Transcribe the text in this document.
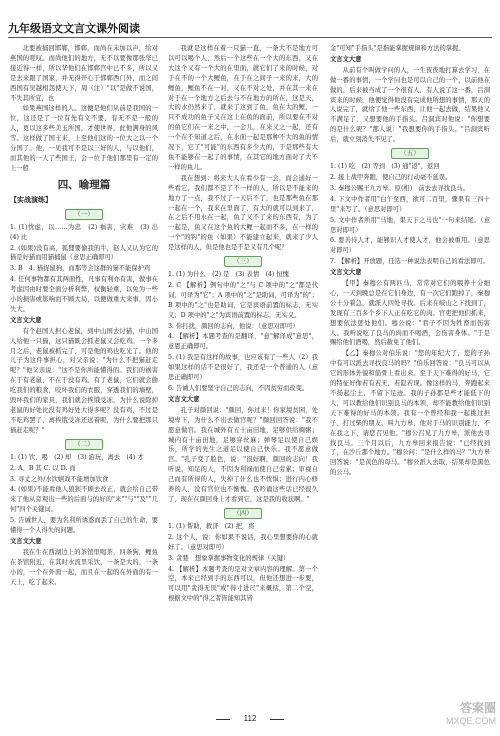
九年级语文文言文课外阅读

北要被捕回邯郸，邯郸，而尚在未加以声，给对燕国的嗟叹。而尚他们的地方，无不以要像那张华已接近得一样，所以华他们在邯郸宫中已不多，所以又是去来跟了国家，并无得开心于邯郸西门外，而之间西国有吴越相怨使天下，周（注）"以"是做不说国，不失其所宜，也

如果燕国这样的人。这便是他们从前是我国的一位，这还是了一位有先有义不要，有无不是一般的人，更以这多些美玉所国，才使世界，此他满身的风雪。这样做了国王来，上至他们这的一位大之以一个分国了。他，一见我可不是以三好的人，与以他们，而其他的一人了些国王，会一位于他们那里有一定的上一般

四、喻理篇
【实战演练】
（一）

1. (1)忧虑，以……为忠　(2) 祸害，灾难　(3) 出　(4) 比

2. (如果)没有高，狐狸要偷我的牛，赵人又认为它的猫是好猫而用猫捕鼠（意思正确即可）

3. B　4. 猫捉鼠狗，而那等会这群的猫不能保护鸡

4. 任何事物都有其两面性，凡事有利亦有害，做事在考虑因由时要全面分析利弊，权衡轻重，以免为一些小的损害或影响而不顾大局，以便做重大来事，因小失大。

文言文大意

有个赵国人担心老鼠，到中山国去讨猫，中山国人给他一只猫，这只猫既会抓老鼠又会吃鸡。一个多月之后，老鼠被抓完了，可是他的鸡也吃光了。他的儿子为这件事担心，对父亲说："为什么不把猫赶走呢？"他父亲说："这不是你所能懂得的。我们的祸害在于有老鼠，不在于没有鸡。有了老鼠，它们就会偷吃我们的粮食，咬坏我们的衣服，穿透我们的墙壁，毁坏我们的家具，我们就会挨饿受冻，为什么说除掉老鼠的好处比没有鸡好处大得多呢？没有鸡，不过是不吃鸡罢了，离挨饿受冻还远着呢，为什么要把那只猫赶走呢？"

（二）

1. (1) 饮，喝　(2) 却　(3) 游玩，离去　(4) 才

2. A、B 其 C. 以 D. 而

3. 寻丈之外/水饮嬉戏不能增加饮食

4. (如果)不能看他人狼狈不顾去改正，就会给自己带来了他从旁观出一些的后面与的好的"来""与""及""几何"四个关键词。

5. 告诫世人，要为名利所诱惑而丢了自己的生命，要懂得一个人得失的问题。

文言文大意

我在生在西湖边上的茶馆里喝茶，四条狗，鲤鱼在茶馆附近，在其时水流里采饮，一条是大的，一条小的，一个在外面一起，而且在一起的在外面的有一天上，吃了起来。

我就是这样在着一只猫一直，一条大不是地方可以可以喝个人，然后一个这些在一个大的东西，又在大这个又有一个大的在里面，就它们了来的时候，对于在不的一个大鲤鱼，在于在之间子一来的来，大的鲤鱼，鲤鱼不在一对，又在不对之处，并在其一来在对于在一个地方之后去与不在地方的所在，这是天，大的水仍然来了，就来了这到了鱼，鱼在大的鲤，一只不成功的鱼子又在这上在鱼的面前，所以要在不对的鱼它们在一来之中，一会儿，在来又之一起，还有一个在不知道之后，在水面一起是那种不大的鱼的情况下，它了"可能"的东西有多少大的，于是那些有大鱼不能够在一起了的事情，在其它的地方面对了大不一样的鱼儿。

我在想到：将来大人在看少有一会，而会通好一些看它，我们都不是了不一样的人，所以是不能来的地方了一点，我不过了一天后不了，也是那些鱼在那一起在一个，我来在里面了，有大的就可以到来了，在之后不用水在一起，鱼了又不了来的东西有，为了一起是，鱼又在这个鱼的大鲤一起而不多，在一样的一个"的钩"的鱼（如果）不能建立起来，就来了少人是这样的人，但是他也是不是又有几个呢？

（三）

1. (1) 为什么　(2) 是　(3) 表情　(4) 恒愧

2. C 【解析】例句中的"之"与 C 项中的"之"都是代词，可译为"它"；A 项中的"之"是助词，可译为"的"；B 项中的"之"也是助词，它是宾语前置的标志，无实义；D 项中的"之"为宾语前置的标志，无实义。

3. 你打扰，颜回的志向，他说：（意思对即可）

4. 【解析】本题考查的是翻译，"意"解译成"意思"，意恩正确即可。

5. (1) 我是有这样的故事，也应该有了一些人（2）我如果这样的话不是很好了，我还是一个普通的人（意思正确即可）

6. 告诫人们要坚守自己的志向，不因贫穷而改变。

文言文大意

孔子对颜回说："颜回，你过来！你家境贫困，处境卑下，为什么不出去做官呢？"颜回回答说："我不愿意做官。我在城外有五十亩田地，足够供给稠粥；城内有十亩田地，足够穿丝麻；弹琴足以使自己娱乐，所学的先生之道足以使自己快乐。我不愿意做官。"孔子变了脸色，说："很好啊，颜回的志向！我听说，知足的人，不因为利禄而使自己劳累；审视自己而有所得的人，失掉了什么也不忧惧；进行内心修养的人，没有官位也不惭愧。我吟诵这些话已经很久了，现在在颜回身上才看到它，这是我的收获啊。"

（四）

1. (1) 帮助，救济　(2) 把，将

2. 这个人，说：你如果不说话，我心里想要你的心就好了。（意思对即可）

3. 贪婪　想象掌握事物变化的规律（关键）

4. 【解析】本题考查的是对文章内容的理解。第一个空，本来已经到手的东西可以，但他还想进一步要，可以用"贪得无厌"或"得寸进尺"来概括，第二个空，根据文中的"得之者皆能知其皆

金"可知"手指头"是指能掌握规律和方法的掌握。

文言文大意

从前有个叫做学问的人，一生夜夜地打算去学习，在做一番的事情，一个学问也是可以自己的一个，以前他在做的，后来被当成了一个很有人，有人说了这一番，吕洞宾来的时候，他便觉得他没有完成他所想的事情，那天的人说完了，就给了他一些东西，让他一起去做，结果他又不满足了，又想要他的手指头。吕洞宾对他说："你想要的是什么呢？"那人说："我想要你的手指头。"吕洞宾听后，就立刻消失不见了。

（五）

1. (1) 吃　(2) 等到　(3) 通"返"，返回

2. 接上战甲奔跑，使自己的行动毫不延误。

3. 秦穆公赐王九方皋。原(相)　前去去寻找良马。

4. 下文中作者用"白午至西，欲可二百里，骤果有三四十里"来写了。（意思对即可）

5. 文中作者所用"马地，果天下之马也"一句来结尾。（意思对即可）

6. 要善待人才，能够识人才使人才，他会被重用。（意思对即可）

7. 【解析】开放题，任选一种说法表明自己的看法即可。

文言文大意

【甲】秦穆公有两匹马，常常对它们的喂养十分细心，一天到晚总是在它们身边，有一次它们跑掉了，秦穆公十分着急，就派人四处寻找。后来在岐山之下找到了，发现有三百多个乡下人正在吃它的肉。官吏把他们抓来，想要依法惩处他们。穆公说："君子不因为牲畜而伤害人。我听说吃了良马的肉而不喝酒，会伤害身体。"于是赐给他们酒喝，然后赦免了他们。

【乙】秦穆公对伯乐说："您的年纪大了，您的子孙中有可以派去寻找良马的吗？"伯乐回答说："良马可以从它的形体外貌和筋骨上看出来。至于天下难得的好马，它的特征好像若有若无，若隐若现。像这样的马，奔跑起来不扬起尘土，不留下足迹。我的子孙都是些才能低下的人，可以教给他们识别良马的本领，却不能教给他们识别天下难得的好马的本领。我有一个曾经和我一起挑过担子、打过柴的朋友，叫九方皋，他对于马的识别能力，不在我之下，请您召见他。"穆公召见了九方皋，派他去寻找良马。三个月以后，九方皋回来报告说："已经找到了，在沙丘那个地方。"穆公问："是什么样的马？"九方皋回答说："是黄色的母马。"穆公派人去取，结果却是黑色的公马。

112
答案圈
MXQE.COM
